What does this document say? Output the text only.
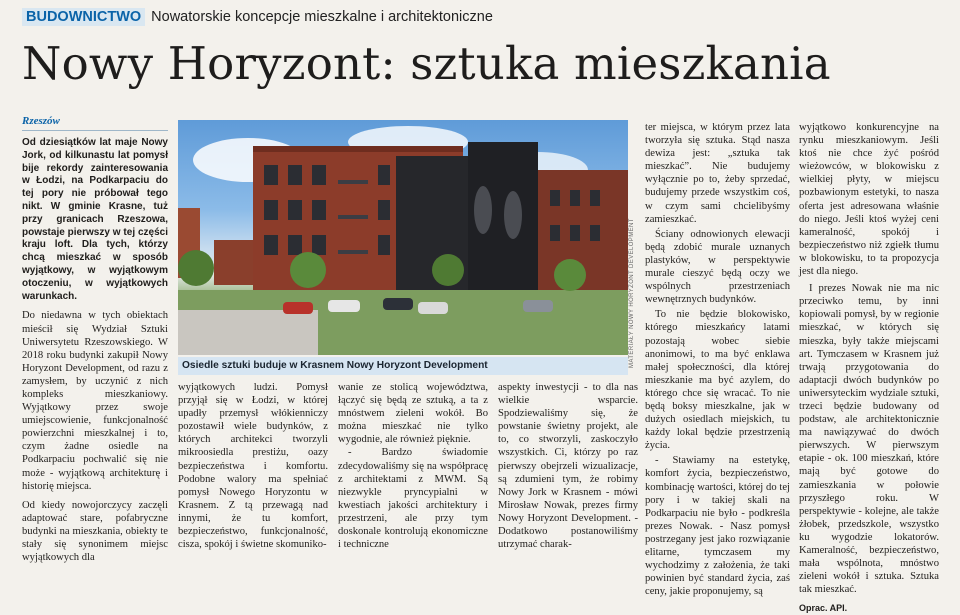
BUDOWNICTWO Nowatorskie koncepcje mieszkalne i architektoniczne
Nowy Horyzont: sztuka mieszkania
Rzeszów

Od dziesiątków lat maje Nowy Jork, od kilkunastu lat pomysł bije rekordy zainteresowania w Łodzi, na Podkarpaciu do tej pory nie próbował tego nikt. W gminie Krasne, tuż przy granicach Rzeszowa, powstaje pierwszy w tej części kraju loft. Dla tych, którzy chcą mieszkać w sposób wyjątkowy, w wyjątkowym otoczeniu, w wyjątkowych warunkach.

Do niedawna w tych obiektach mieścił się Wydział Sztuki Uniwersytetu Rzeszowskiego. W 2018 roku budynki zakupił Nowy Horyzont Development, od razu z zamysłem, by uczynić z nich kompleks mieszkaniowy. Wyjątkowy przez swoje umiejscowienie, funkcjonalność powierzchni mieszkalnej i to, czym żadne osiedle na Podkarpaciu pochwalić się nie może - wyjątkową architekturę i historię miejsca.

Od kiedy nowojorczycy zaczęli adaptować stare, pofabryczne budynki na mieszkania, obiekty te stały się synonimem miejsc wyjątkowych dla

Osiedle sztuki buduje w Krasnem Nowy Horyzont Development	MATERIAŁY NOWY HORYZONT DEVELOPMENT

wyjątkowych ludzi. Pomysł przyjął się w Łodzi, w której upadły przemysł włókienniczy pozostawił wiele budynków, z których architekci tworzyli mikroosiedla prestiżu, oazy bezpieczeństwa i komfortu. Podobne walory ma spełniać pomysł Nowego Horyzontu w Krasnem. Z tą przewagą nad innymi, że tu komfort, bezpieczeństwo, funkcjonalność, cisza, spokój i świetne skomuniko-

wanie ze stolicą województwa, łączyć się będą ze sztuką, a ta z mnóstwem zieleni wokół. Bo można mieszkać nie tylko wygodnie, ale również pięknie.

- Bardzo świadomie zdecydowaliśmy się na współpracę z architektami z MWM. Są niezwykle pryncypialni w kwestiach jakości architektury i przestrzeni, ale przy tym doskonale kontrolują ekonomiczne i techniczne

aspekty inwestycji - to dla nas wielkie wsparcie. Spodziewaliśmy się, że powstanie świetny projekt, ale to, co stworzyli, zaskoczyło wszystkich. Ci, którzy po raz pierwszy obejrzeli wizualizacje, są zdumieni tym, że robimy Nowy Jork w Krasnem - mówi Mirosław Nowak, prezes firmy Nowy Horyzont Development. - Dodatkowo postanowiliśmy utrzymać charak-

ter miejsca, w którym przez lata tworzyła się sztuka. Stąd nasza dewiza jest: „sztuka tak mieszkać”. Nie budujemy wyłącznie po to, żeby sprzedać, budujemy przede wszystkim coś, w czym sami chcielibyśmy zamieszkać.

Ściany odnowionych elewacji będą zdobić murale uznanych plastyków, w perspektywie murale cieszyć będą oczy we wspólnych przestrzeniach wewnętrznych budynków.

To nie będzie blokowisko, którego mieszkańcy latami pozostają wobec siebie anonimowi, to ma być enklawa małej społeczności, dla której mieszkanie ma być azylem, do którego chce się wracać. To nie będą boksy mieszkalne, jak w dużych osiedlach miejskich, tu każdy lokal będzie przestrzenią życia.

- Stawiamy na estetykę, komfort życia, bezpieczeństwo, kombinację wartości, której do tej pory i w takiej skali na Podkarpaciu nie było - podkreśla prezes Nowak. - Nasz pomysł postrzegany jest jako rozwiązanie elitarne, tymczasem my wychodzimy z założenia, że taki powinien być standard życia, zaś ceny, jakie proponujemy, są

wyjątkowo konkurencyjne na rynku mieszkaniowym. Jeśli ktoś nie chce żyć pośród wieżowców, w blokowisku z wielkiej płyty, w miejscu pozbawionym estetyki, to nasza oferta jest adresowana właśnie do niego. Jeśli ktoś wyżej ceni kameralność, spokój i bezpieczeństwo niż zgiełk tłumu w blokowisku, to ta propozycja jest dla niego.

I prezes Nowak nie ma nic przeciwko temu, by inni kopiowali pomysł, by w regionie mieszkać, w których się mieszka, były także miejscami art. Tymczasem w Krasnem już trwają przygotowania do adaptacji dwóch budynków po uniwersyteckim wydziale sztuki, trzeci będzie budowany od podstaw, ale architektonicznie ma nawiązywać do dwóch pierwszych. W pierwszym etapie - ok. 100 mieszkań, które mają być gotowe do zamieszkania w połowie przyszłego roku. W perspektywie - kolejne, ale także żłobek, przedszkole, wszystko ku wygodzie lokatorów. Kameralność, bezpieczeństwo, mała wspólnota, mnóstwo zieleni wokół i sztuka. Sztuka tak mieszkać.

Oprac. API.
